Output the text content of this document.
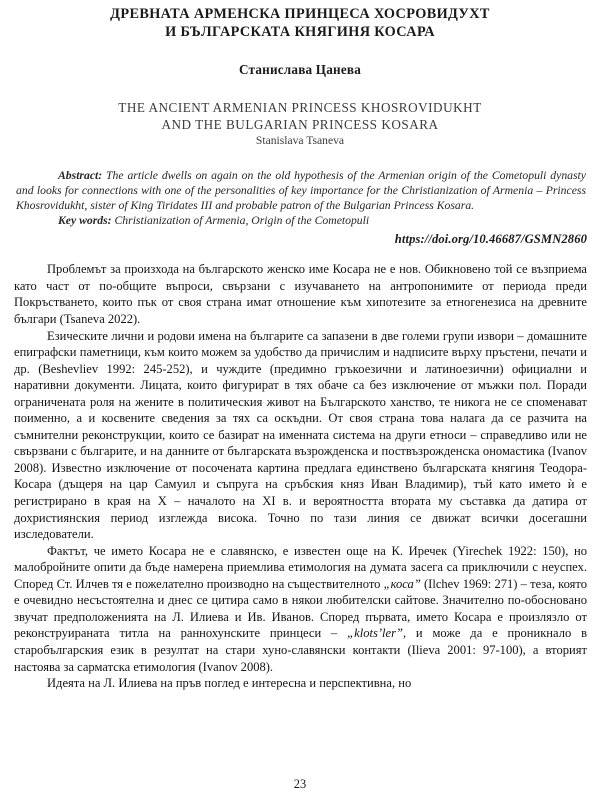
ДРЕВНАТА АРМЕНСКА ПРИНЦЕСА ХОСРОВИДУХТ
И БЪЛГАРСКАТА КНЯГИНЯ КОСАРА
Станислава Цанева
THE ANCIENT ARMENIAN PRINCESS KHOSROVIDUKHT
AND THE BULGARIAN PRINCESS KOSARA
Stanislava Tsaneva

Abstract: The article dwells on again on the old hypothesis of the Armenian origin of the Cometopuli dynasty and looks for connections with one of the personalities of key importance for the Christianization of Armenia – Princess Khosrovidukht, sister of King Tiridates III and probable patron of the Bulgarian Princess Kosara.

Key words: Christianization of Armenia, Origin of the Cometopuli

https://doi.org/10.46687/GSMN2860

Проблемът за произхода на българското женско име Косара не е нов. Обикновено той се възприема като част от по-общите въпроси, свързани с изучаването на антропонимите от периода преди Покръстването, които пък от своя страна имат отношение към хипотезите за етногенезиса на древните българи (Tsaneva 2022).

Езическите лични и родови имена на българите са запазени в две големи групи извори – домашните епиграфски паметници, към които можем за удобство да причислим и надписите върху пръстени, печати и др. (Beshevliev 1992: 245-252), и чуждите (предимно гръкоезични и латиноезични) официални и наративни документи. Лицата, които фигурират в тях обаче са без изключение от мъжки пол. Поради ограничената роля на жените в политическия живот на Българското ханство, те никога не се споменават поименно, а и косвените сведения за тях са оскъдни. От своя страна това налага да се разчита на съмнителни реконструкции, които се базират на именната система на други етноси – справедливо или не свързвани с българите, и на данните от българската възрожденска и поствъзрожденска ономастика (Ivanov 2008). Известно изключение от посочената картина предлага единствено българската княгиня Теодора-Косара (дъщеря на цар Самуил и съпруга на сръбския княз Иван Владимир), тъй като името ѝ е регистрирано в края на X – началото на XI в. и вероятността втората му съставка да датира от дохристиянския период изглежда висока. Точно по тази линия се движат всички досегашни изследователи.

Фактът, че името Косара не е славянско, е известен още на К. Иречек (Yirechek 1922: 150), но малобройните опити да бъде намерена приемлива етимология на думата засега са приключили с неуспех. Според Ст. Илчев тя е пожелателно производно на съществителното „коса” (Ilchev 1969: 271) – теза, която е очевидно несъстоятелна и днес се цитира само в някои любителски сайтове. Значително по-обосновано звучат предположенията на Л. Илиева и Ив. Иванов. Според първата, името Косара е произлязло от реконструираната титла на раннохунските принцеси – „klots’ler”, и може да е проникнало в старобългарския език в резултат на стари хуно-славянски контакти (Ilieva 2001: 97-100), а вторият настоява за сарматска етимология (Ivanov 2008).

Идеята на Л. Илиева на пръв поглед е интересна и перспективна, но

23
